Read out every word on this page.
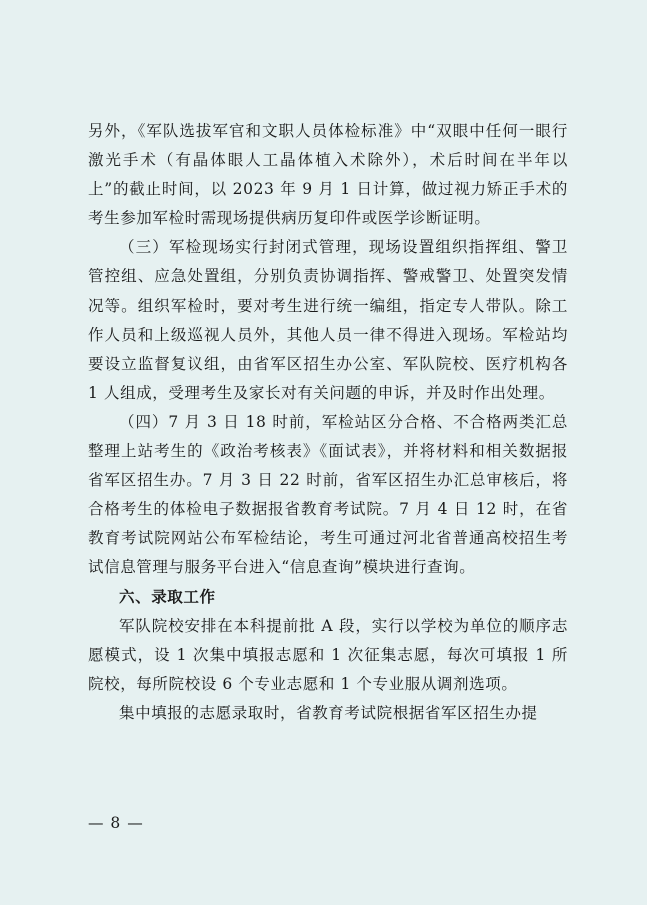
另外，《军队选拔军官和文职人员体检标准》中“双眼中任何一眼行激光手术（有晶体眼人工晶体植入术除外），术后时间在半年以上”的截止时间，以 2023 年 9 月 1 日计算，做过视力矫正手术的考生参加军检时需现场提供病历复印件或医学诊断证明。

（三）军检现场实行封闭式管理，现场设置组织指挥组、警卫管控组、应急处置组，分别负责协调指挥、警戒警卫、处置突发情况等。组织军检时，要对考生进行统一编组，指定专人带队。除工作人员和上级巡视人员外，其他人员一律不得进入现场。军检站均要设立监督复议组，由省军区招生办公室、军队院校、医疗机构各 1 人组成，受理考生及家长对有关问题的申诉，并及时作出处理。

（四）7 月 3 日 18 时前，军检站区分合格、不合格两类汇总整理上站考生的《政治考核表》《面试表》，并将材料和相关数据报省军区招生办。7 月 3 日 22 时前，省军区招生办汇总审核后，将合格考生的体检电子数据报省教育考试院。7 月 4 日 12 时，在省教育考试院网站公布军检结论，考生可通过河北省普通高校招生考试信息管理与服务平台进入“信息查询”模块进行查询。

六、录取工作

军队院校安排在本科提前批 A 段，实行以学校为单位的顺序志愿模式，设 1 次集中填报志愿和 1 次征集志愿，每次可填报 1 所院校，每所院校设 6 个专业志愿和 1 个专业服从调剂选项。

集中填报的志愿录取时，省教育考试院根据省军区招生办提

— 8 —
